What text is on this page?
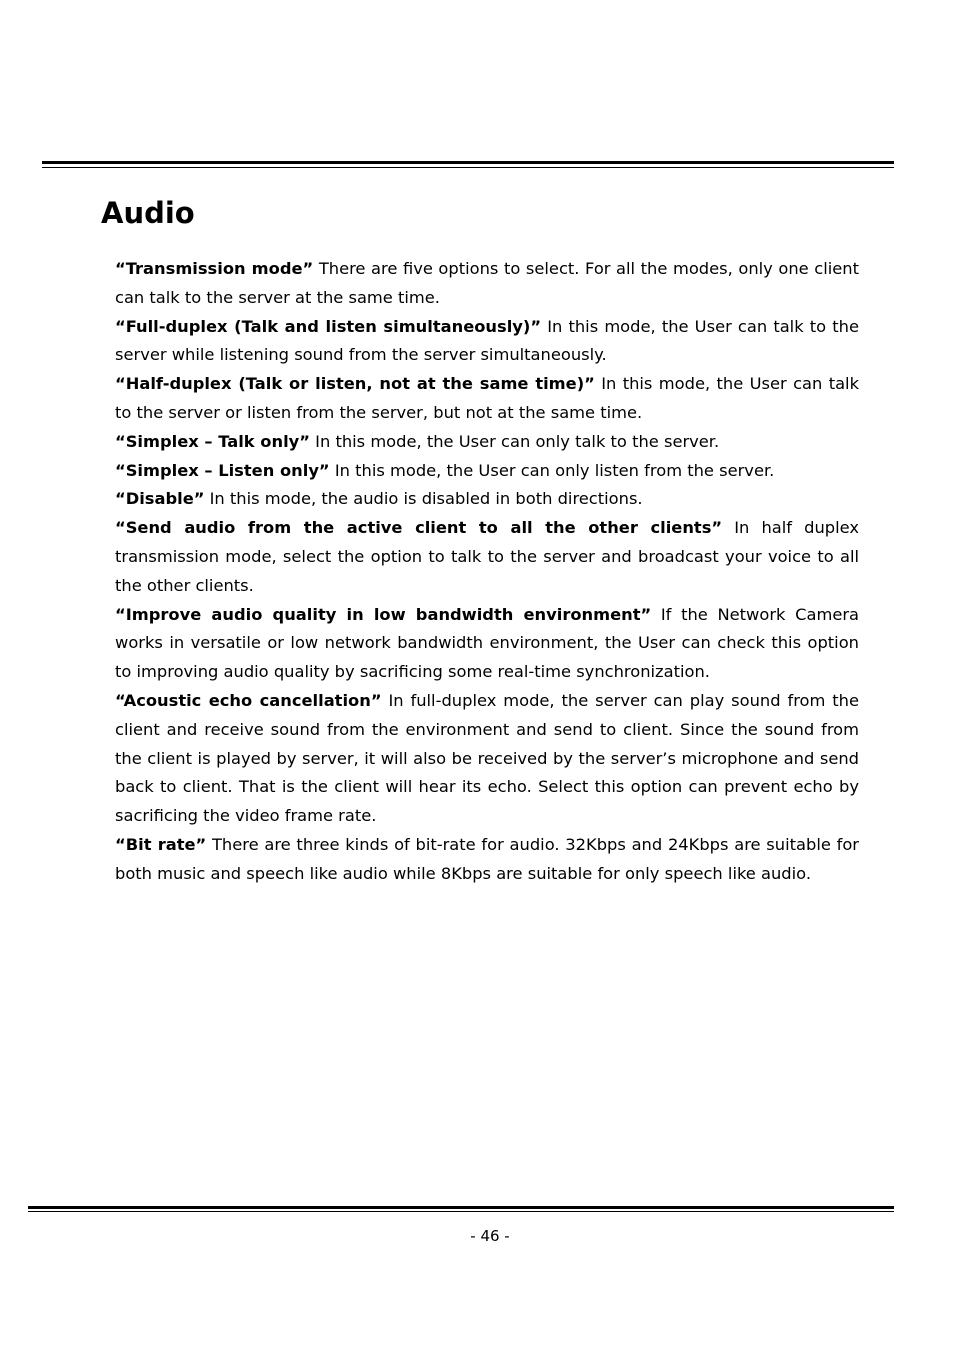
Audio

“Transmission mode” There are five options to select. For all the modes, only one client can talk to the server at the same time.

“Full-duplex (Talk and listen simultaneously)” In this mode, the User can talk to the server while listening sound from the server simultaneously.

“Half-duplex (Talk or listen, not at the same time)” In this mode, the User can talk to the server or listen from the server, but not at the same time.

“Simplex – Talk only” In this mode, the User can only talk to the server.

“Simplex – Listen only” In this mode, the User can only listen from the server.

“Disable” In this mode, the audio is disabled in both directions.

“Send audio from the active client to all the other clients” In half duplex transmission mode, select the option to talk to the server and broadcast your voice to all the other clients.

“Improve audio quality in low bandwidth environment” If the Network Camera works in versatile or low network bandwidth environment, the User can check this option to improving audio quality by sacrificing some real-time synchronization.

“Acoustic echo cancellation” In full-duplex mode, the server can play sound from the client and receive sound from the environment and send to client. Since the sound from the client is played by server, it will also be received by the server’s microphone and send back to client. That is the client will hear its echo. Select this option can prevent echo by sacrificing the video frame rate.

“Bit rate” There are three kinds of bit-rate for audio. 32Kbps and 24Kbps are suitable for both music and speech like audio while 8Kbps are suitable for only speech like audio.

- 46 -
